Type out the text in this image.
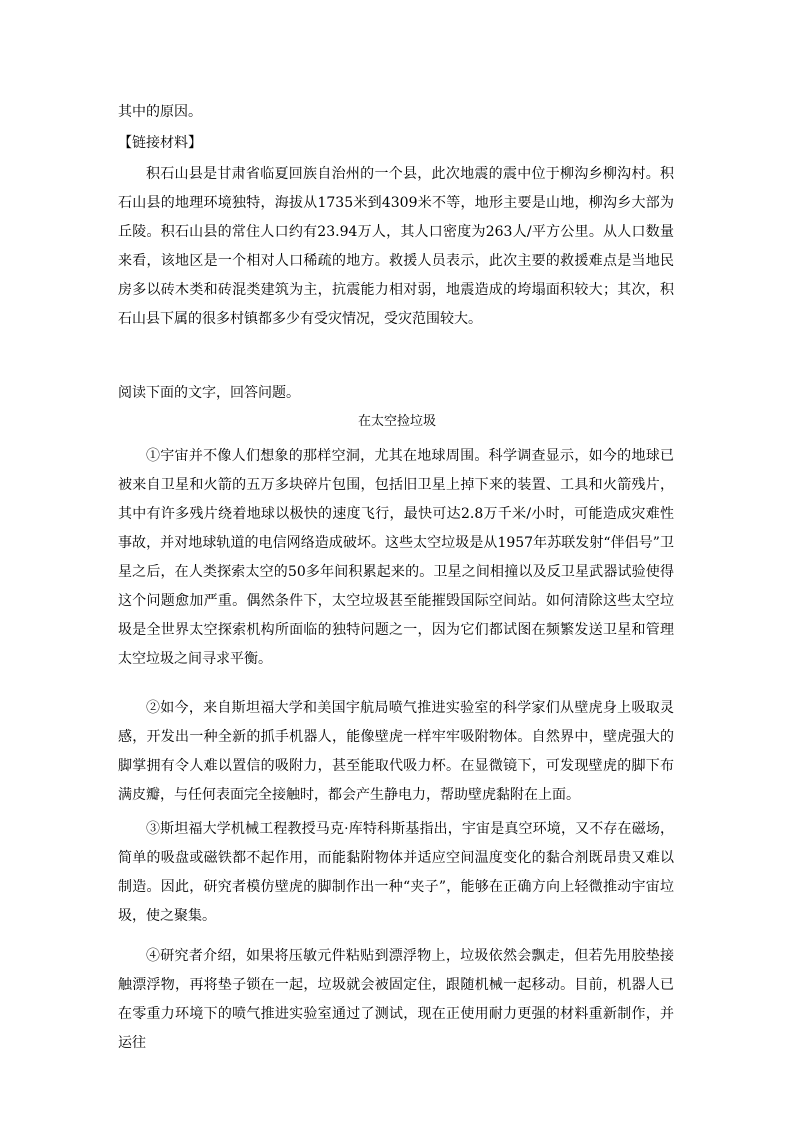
其中的原因。
【链接材料】

积石山县是甘肃省临夏回族自治州的一个县，此次地震的震中位于柳沟乡柳沟村。积石山县的地理环境独特，海拔从1735米到4309米不等，地形主要是山地，柳沟乡大部为丘陵。积石山县的常住人口约有23.94万人，其人口密度为263人/平方公里。从人口数量来看，该地区是一个相对人口稀疏的地方。救援人员表示，此次主要的救援难点是当地民房多以砖木类和砖混类建筑为主，抗震能力相对弱，地震造成的垮塌面积较大；其次，积石山县下属的很多村镇都多少有受灾情况，受灾范围较大。

阅读下面的文字，回答问题。
在太空捡垃圾

①宇宙并不像人们想象的那样空洞，尤其在地球周围。科学调查显示，如今的地球已被来自卫星和火箭的五万多块碎片包围，包括旧卫星上掉下来的装置、工具和火箭残片，其中有许多残片绕着地球以极快的速度飞行，最快可达2.8万千米/小时，可能造成灾难性事故，并对地球轨道的电信网络造成破坏。这些太空垃圾是从1957年苏联发射“伴侣号”卫星之后，在人类探索太空的50多年间积累起来的。卫星之间相撞以及反卫星武器试验使得这个问题愈加严重。偶然条件下，太空垃圾甚至能摧毁国际空间站。如何清除这些太空垃圾是全世界太空探索机构所面临的独特问题之一，因为它们都试图在频繁发送卫星和管理太空垃圾之间寻求平衡。

②如今，来自斯坦福大学和美国宇航局喷气推进实验室的科学家们从壁虎身上吸取灵感，开发出一种全新的抓手机器人，能像壁虎一样牢牢吸附物体。自然界中，壁虎强大的脚掌拥有令人难以置信的吸附力，甚至能取代吸力杯。在显微镜下，可发现壁虎的脚下布满皮瓣，与任何表面完全接触时，都会产生静电力，帮助壁虎黏附在上面。

③斯坦福大学机械工程教授马克·库特科斯基指出，宇宙是真空环境，又不存在磁场，简单的吸盘或磁铁都不起作用，而能黏附物体并适应空间温度变化的黏合剂既昂贵又难以制造。因此，研究者模仿壁虎的脚制作出一种“夹子”，能够在正确方向上轻微推动宇宙垃圾，使之聚集。

④研究者介绍，如果将压敏元件粘贴到漂浮物上，垃圾依然会飘走，但若先用胶垫接触漂浮物，再将垫子锁在一起，垃圾就会被固定住，跟随机械一起移动。目前，机器人已在零重力环境下的喷气推进实验室通过了测试，现在正使用耐力更强的材料重新制作，并运往
